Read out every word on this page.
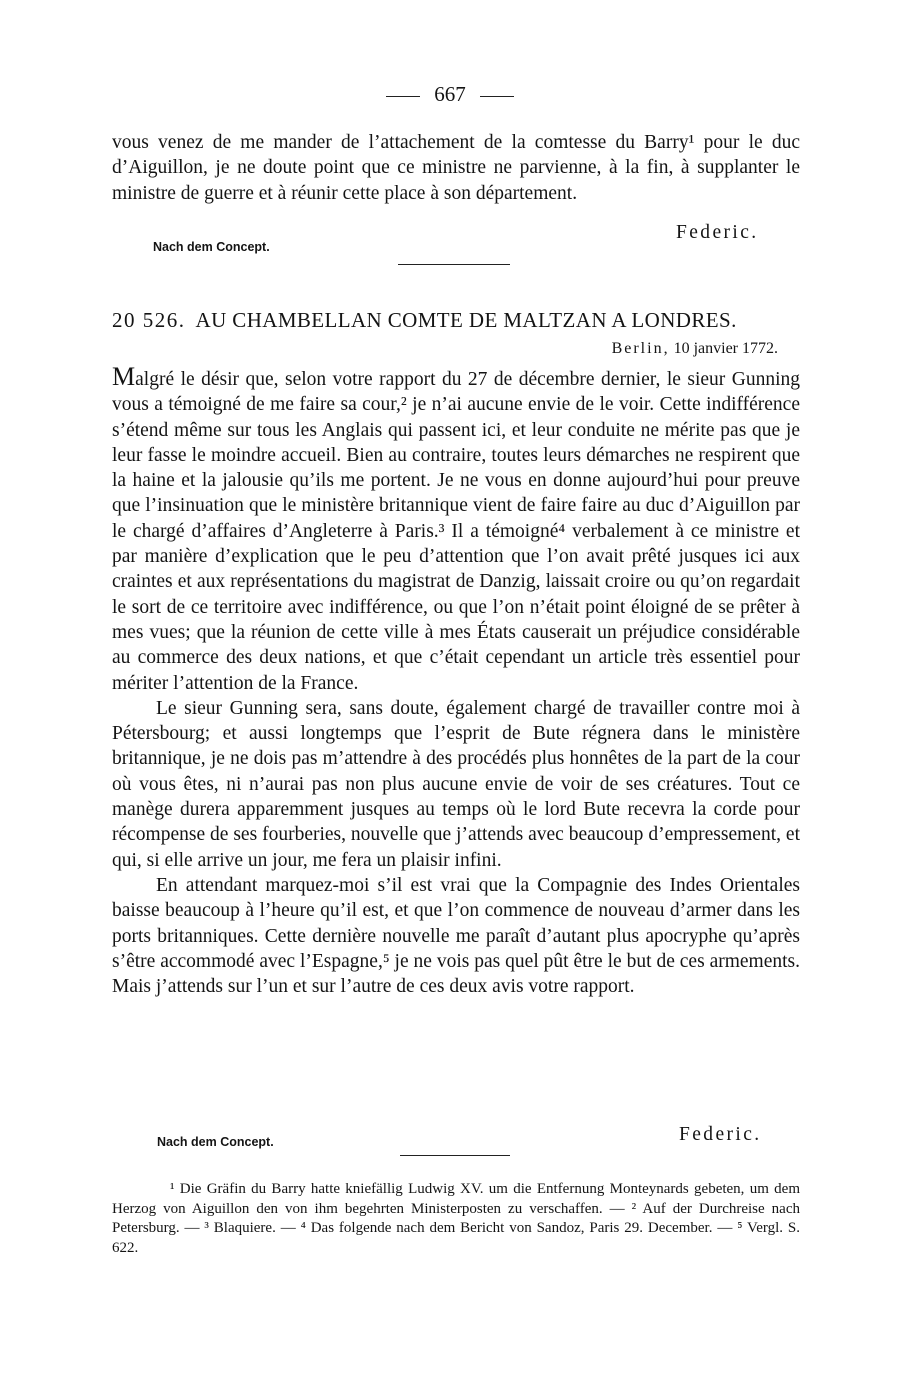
667

vous venez de me mander de l’attachement de la comtesse du Barry¹ pour le duc d’Aiguillon, je ne doute point que ce ministre ne parvienne, à la fin, à supplanter le ministre de guerre et à réunir cette place à son département.

Federic.
Nach dem Concept.
20 526. AU CHAMBELLAN COMTE DE MALTZAN A LONDRES.
Berlin, 10 janvier 1772.

Malgré le désir que, selon votre rapport du 27 de décembre dernier, le sieur Gunning vous a témoigné de me faire sa cour,² je n’ai aucune envie de le voir. Cette indifférence s’étend même sur tous les Anglais qui passent ici, et leur conduite ne mérite pas que je leur fasse le moindre accueil. Bien au contraire, toutes leurs démarches ne respirent que la haine et la jalousie qu’ils me portent. Je ne vous en donne aujourd’hui pour preuve que l’insinuation que le ministère britannique vient de faire faire au duc d’Aiguillon par le chargé d’affaires d’Angleterre à Paris.³ Il a témoigné⁴ verbalement à ce ministre et par manière d’explication que le peu d’attention que l’on avait prêté jusques ici aux craintes et aux représentations du magistrat de Danzig, laissait croire ou qu’on regardait le sort de ce territoire avec indifférence, ou que l’on n’était point éloigné de se prêter à mes vues; que la réunion de cette ville à mes États causerait un préjudice considérable au commerce des deux nations, et que c’était cependant un article très essentiel pour mériter l’attention de la France.

Le sieur Gunning sera, sans doute, également chargé de travailler contre moi à Pétersbourg; et aussi longtemps que l’esprit de Bute régnera dans le ministère britannique, je ne dois pas m’attendre à des procédés plus honnêtes de la part de la cour où vous êtes, ni n’aurai pas non plus aucune envie de voir de ses créatures. Tout ce manège durera apparemment jusques au temps où le lord Bute recevra la corde pour récompense de ses fourberies, nouvelle que j’attends avec beaucoup d’empressement, et qui, si elle arrive un jour, me fera un plaisir infini.

En attendant marquez-moi s’il est vrai que la Compagnie des Indes Orientales baisse beaucoup à l’heure qu’il est, et que l’on commence de nouveau d’armer dans les ports britanniques. Cette dernière nouvelle me paraît d’autant plus apocryphe qu’après s’être accommodé avec l’Espagne,⁵ je ne vois pas quel pût être le but de ces armements. Mais j’attends sur l’un et sur l’autre de ces deux avis votre rapport.

Nach dem Concept.	Federic.

¹ Die Gräfin du Barry hatte kniefällig Ludwig XV. um die Entfernung Monteynards gebeten, um dem Herzog von Aiguillon den von ihm begehrten Ministerposten zu verschaffen. — ² Auf der Durchreise nach Petersburg. — ³ Blaquiere. — ⁴ Das folgende nach dem Bericht von Sandoz, Paris 29. December. — ⁵ Vergl. S. 622.
